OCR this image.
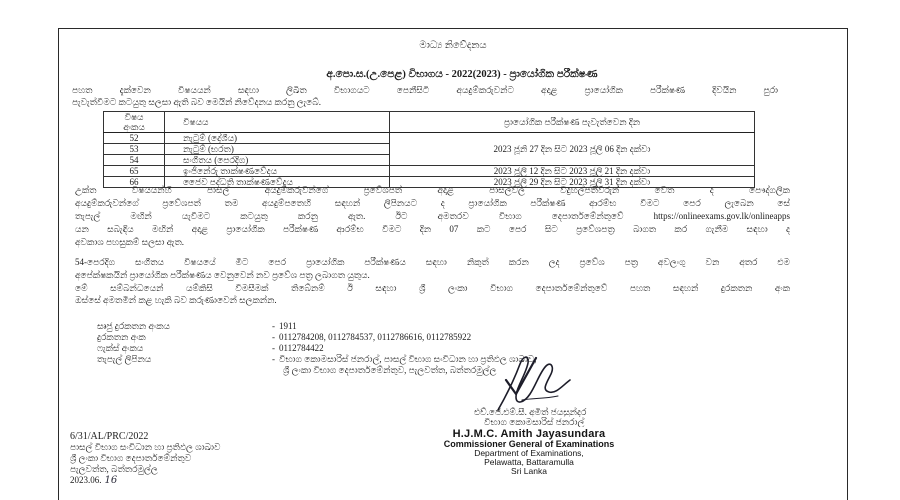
මාධ්‍ය නිවේදනය
අ.පො.ස.(උ.පෙළ) විභාගය - 2022(2023) - ප්‍රායෝගික පරීක්ෂණ
පහත දැක්වෙන විෂයයන් සඳහා ලිඛිත විභාගයට පෙනීසිටි අයදුම්කරුවන්ට අදාළ ප්‍රායෝගික පරීක්ෂණ දිවයින පුරා
පැවැත්වීමට කටයුතු සලසා ඇති බව මෙයින් නිවේදනය කරනු ලැබේ.
විෂය
අංකය	විෂයය	ප්‍රායෝගික පරීක්ෂණ පැවැත්වෙන දින
52	නැටුම් (දේශීය)	2023 ජූනි 27 දින සිට 2023 ජූලි 06 දින දක්වා
53	නැටුම් (භරත)	
54	සංගීතය (පෙරදිග)	
65	ඉංජිනේරු තාක්ෂණවේදය	2023 ජූලි 12 දින සිට 2023 ජූලි 21 දින දක්වා
66	ජෛව පද්ධති තාක්ෂණවේදය	2023 ජූලි 29 දින සිට 2023 ජූලි 31 දින දක්වා
උක්ත විෂයයන්හි පාසල් අයදුම්කරුවන්ගේ ප්‍රවේශපත් අදාළ පාසල්වල විදුහල්පතිවරුන් වෙත ද පෞද්ගලික
අයදුම්කරුවන්ගේ ප්‍රවේශපත් තම අයදුම්පතෙහි සඳහන් ලිපිනයට ද ප්‍රායෝගික පරීක්ෂණ ආරම්භ වීමට පෙර ලැබෙන සේ
තැපැල් මඟින් යැවීමට කටයුතු කරනු ඇත. ඊට අමතරව විභාග දෙපාර්තමේන්තුවේ https://onlineexams.gov.lk/onlineapps
යන සබැඳිය මඟින් අදාළ ප්‍රායෝගික පරීක්ෂණ ආරම්භ වීමට දින 07 කට පෙර සිට ප්‍රවේශපත්‍ර බාගත කර ගැනීම සඳහා ද
අවකාශ පහසුකම් සලසා ඇත.
54-පෙරදිග සංගීතය විෂයයේ මීට පෙර ප්‍රායෝගික පරීක්ෂණය සඳහා නිකුත් කරන ලද ප්‍රවේශ පත්‍ර අවලංගු වන අතර එම
අපේක්ෂකයින් ප්‍රායෝගික පරීක්ෂණය වෙනුවෙන් නව ප්‍රවේශ පත්‍ර ලබාගත යුතුය.
මේ සම්බන්ධයෙන් යම්කිසි විමසීමක් තිබේනම් ඊ සඳහා ශ්‍රී ලංකා විභාග දෙපාර්තමේන්තුවේ පහත සඳහන් දුරකතන අංක
ඔස්සේ අමතමින් කළ හැකි බව කරුණාවෙන් සලකන්න.
සෘජු දුරකතන අංකය	- 1911
දුරකතන අංක	- 0112784208, 0112784537, 0112786616, 0112785922
ෆැක්ස් අංකය	- 0112784422
තැපැල් ලිපිනය	- විභාග කොමසාරිස් ජනරාල්, පාසල් විභාග සංවිධාන හා ප්‍රතිඵල ශාඛාව,
ශ්‍රී ලංකා විභාග දෙපාර්තමේන්තුව, පැලවත්ත, බත්තරමුල්ල
එච්.ජේ.එම්.සී. අමිත් ජයසුන්දර
විභාග කොමසාරිස් ජනරාල්
H.J.M.C. Amith Jayasundara
Commissioner General of Examinations
Department of Examinations,
Pelawatta, Battaramulla
Sri Lanka
6/31/AL/PRC/2022
පාසල් විභාග සංවිධාන හා ප්‍රතිඵල ශාඛාව
ශ්‍රී ලංකා විභාග දෙපාර්තමේන්තුව
පැලවත්ත, බත්තරමුල්ල
2023.06. 16
